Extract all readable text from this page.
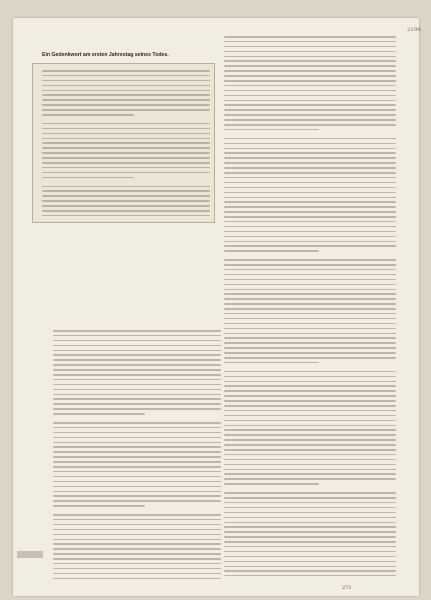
2190
Ein Gedenkwort am ersten Jahrestag seines Todes.
271
